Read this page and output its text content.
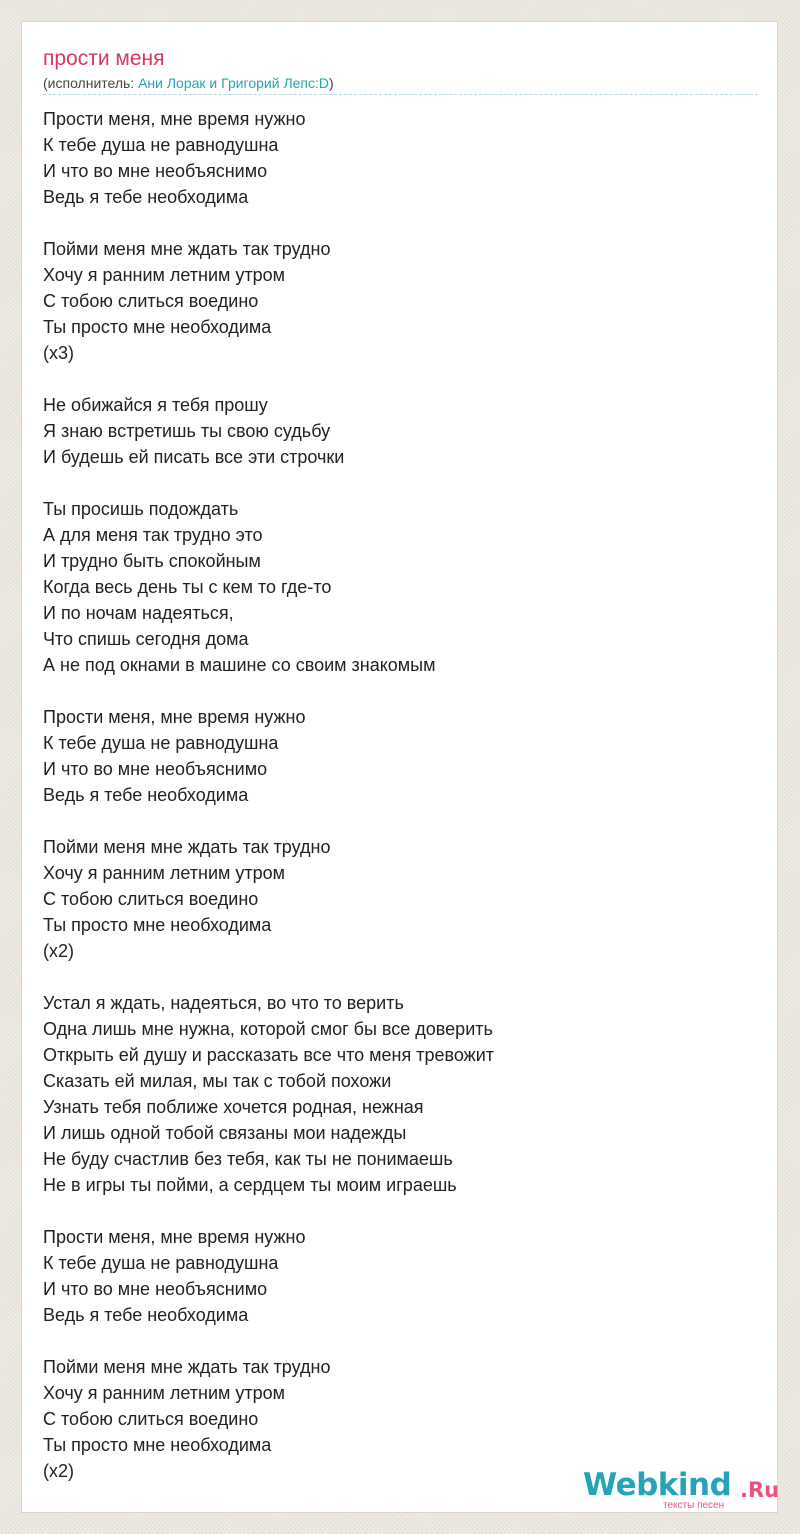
прости меня
(исполнитель: Ани Лорак и Григорий Лепс:D)
Прости меня, мне время нужно
К тебе душа не равнодушна
И что во мне необъяснимо
Ведь я тебе необходима

Пойми меня мне ждать так трудно
Хочу я ранним летним утром
С тобою слиться воедино
Ты просто мне необходима
(x3)

Не обижайся я тебя прошу
Я знаю встретишь ты свою судьбу
И будешь ей писать все эти строчки

Ты просишь подождать
А для меня так трудно это
И трудно быть спокойным
Когда весь день ты с кем то где-то
И по ночам надеяться,
Что спишь сегодня дома
А не под окнами в машине со своим знакомым

Прости меня, мне время нужно
К тебе душа не равнодушна
И что во мне необъяснимо
Ведь я тебе необходима

Пойми меня мне ждать так трудно
Хочу я ранним летним утром
С тобою слиться воедино
Ты просто мне необходима
(x2)

Устал я ждать, надеяться, во что то верить
Одна лишь мне нужна, которой смог бы все доверить
Открыть ей душу и рассказать все что меня тревожит
Сказать ей милая, мы так с тобой похожи
Узнать тебя поближе хочется родная, нежная
И лишь одной тобой связаны мои надежды
Не буду счастлив без тебя, как ты не понимаешь
Не в игры ты пойми, а сердцем ты моим играешь

Прости меня, мне время нужно
К тебе душа не равнодушна
И что во мне необъяснимо
Ведь я тебе необходима

Пойми меня мне ждать так трудно
Хочу я ранним летним утром
С тобою слиться воедино
Ты просто мне необходима
(x2)	Webkind .Ru
тексты песен
